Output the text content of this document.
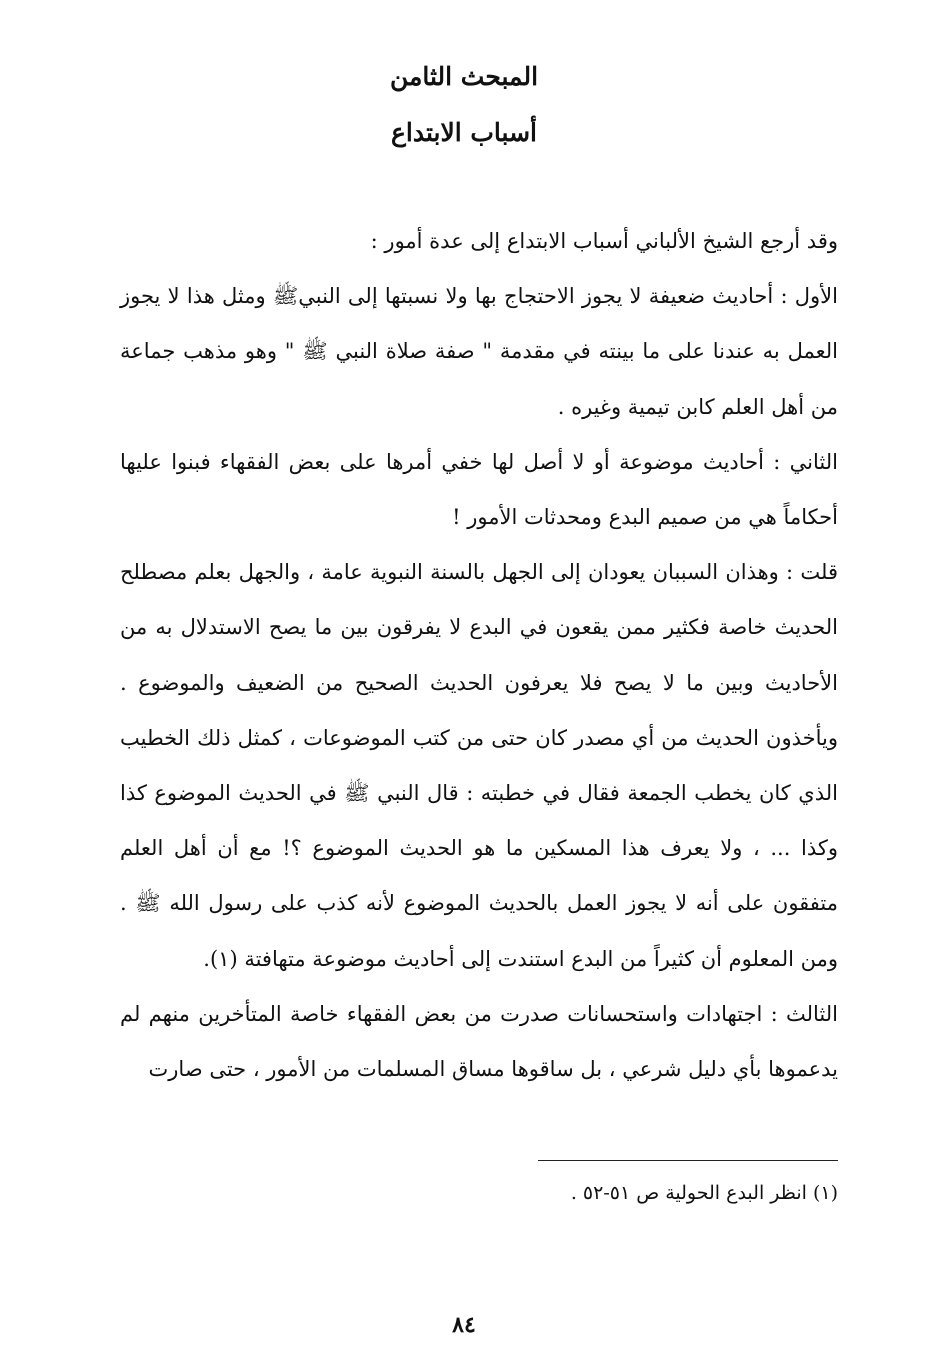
المبحث الثامن
أسباب الابتداع

وقد أرجع الشيخ الألباني أسباب الابتداع إلى عدة أمور :

الأول : أحاديث ضعيفة لا يجوز الاحتجاج بها ولا نسبتها إلى النبيﷺ ومثل هذا لا يجوز العمل به عندنا على ما بينته في مقدمة " صفة صلاة النبي ﷺ " وهو مذهب جماعة من أهل العلم كابن تيمية وغيره .

الثاني : أحاديث موضوعة أو لا أصل لها خفي أمرها على بعض الفقهاء فبنوا عليها أحكاماً هي من صميم البدع ومحدثات الأمور !

قلت : وهذان السببان يعودان إلى الجهل بالسنة النبوية عامة ، والجهل بعلم مصطلح الحديث خاصة فكثير ممن يقعون في البدع لا يفرقون بين ما يصح الاستدلال به من الأحاديث وبين ما لا يصح فلا يعرفون الحديث الصحيح من الضعيف والموضوع . ويأخذون الحديث من أي مصدر كان حتى من كتب الموضوعات ، كمثل ذلك الخطيب الذي كان يخطب الجمعة فقال في خطبته : قال النبي ﷺ في الحديث الموضوع كذا وكذا ... ، ولا يعرف هذا المسكين ما هو الحديث الموضوع ؟! مع أن أهل العلم متفقون على أنه لا يجوز العمل بالحديث الموضوع لأنه كذب على رسول الله ﷺ . ومن المعلوم أن كثيراً من البدع استندت إلى أحاديث موضوعة متهافتة (١).

الثالث : اجتهادات واستحسانات صدرت من بعض الفقهاء خاصة المتأخرين منهم لم يدعموها بأي دليل شرعي ، بل ساقوها مساق المسلمات من الأمور ، حتى صارت

(١) انظر البدع الحولية ص ٥١-٥٢ .
٨٤
